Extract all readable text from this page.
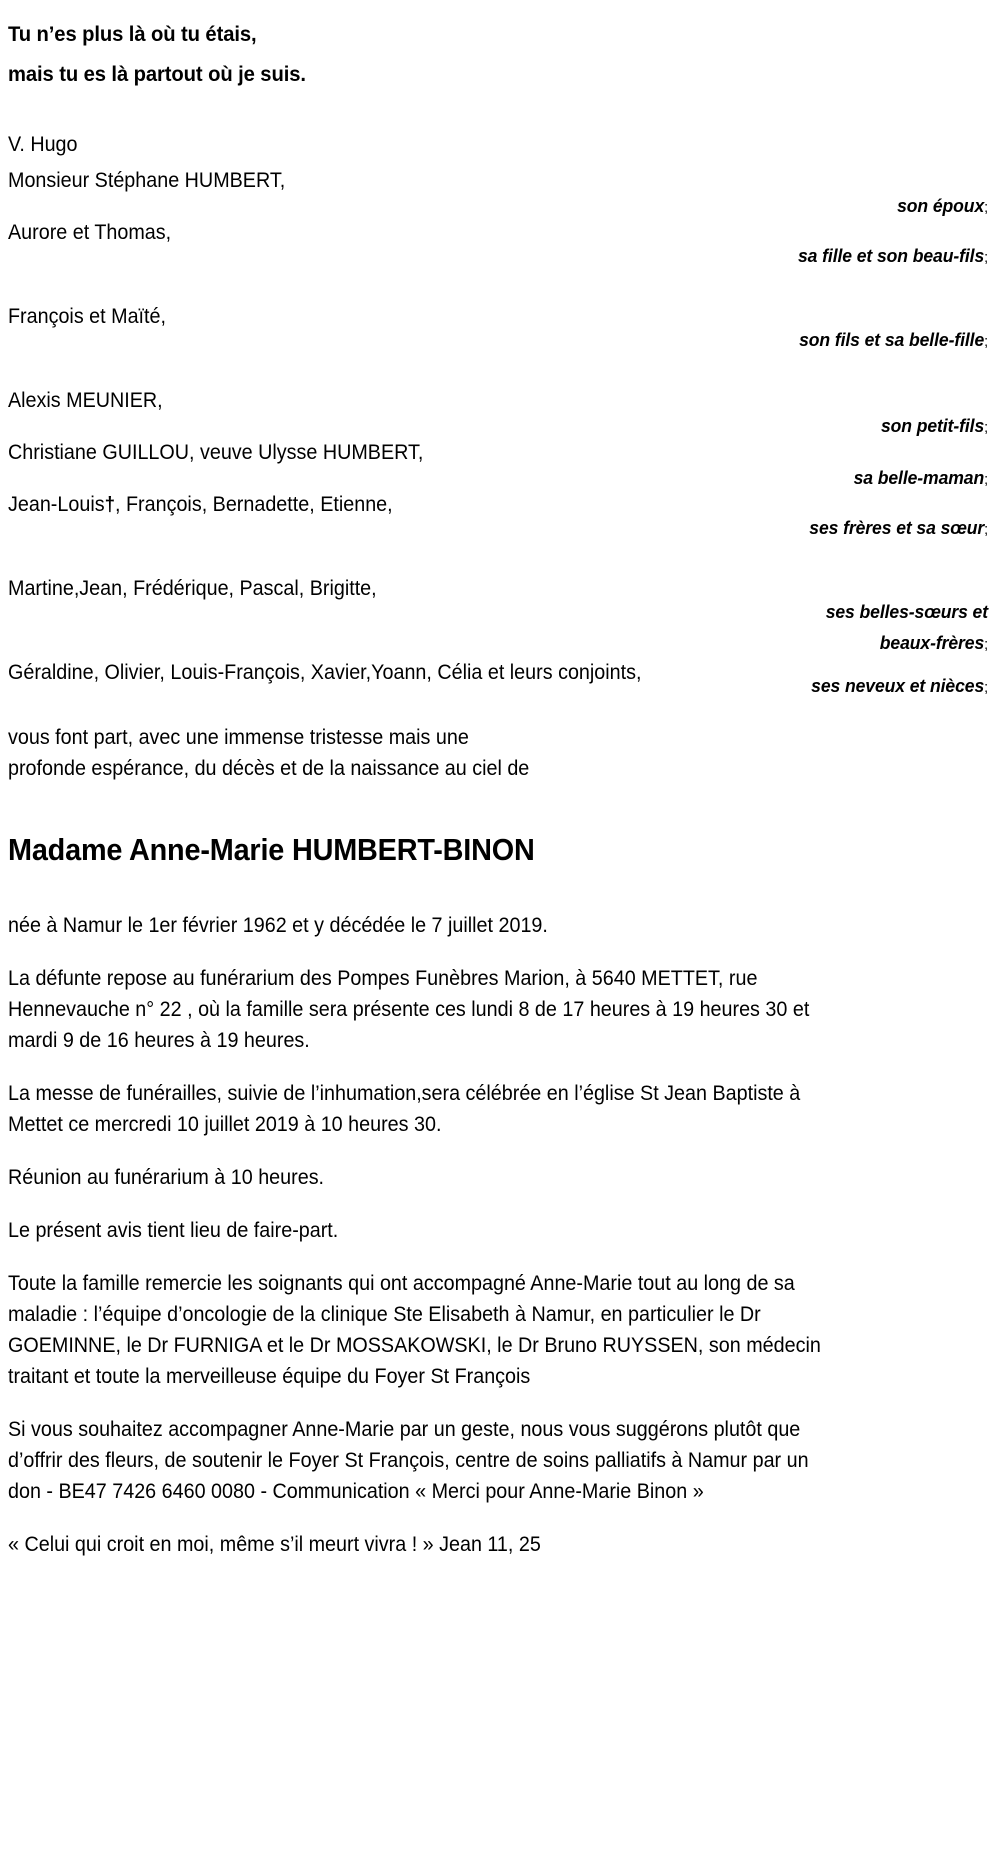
Tu n’es plus là où tu étais,
mais tu es là partout où je suis.
V. Hugo
Monsieur Stéphane HUMBERT,
son époux;
Aurore et Thomas,
sa fille et son beau-fils;
François et Maïté,
son fils et sa belle-fille;
Alexis MEUNIER,
son petit-fils;
Christiane GUILLOU, veuve Ulysse HUMBERT,
sa belle-maman;
Jean-Louis†, François, Bernadette, Etienne,
ses frères et sa sœur;
Martine,Jean, Frédérique, Pascal, Brigitte,
ses belles-sœurs et beaux-frères;
Géraldine, Olivier, Louis-François, Xavier,Yoann, Célia et leurs conjoints,
ses neveux et nièces;
vous font part, avec une immense tristesse mais une
profonde espérance, du décès et de la naissance au ciel de
Madame Anne-Marie HUMBERT-BINON

née à Namur le 1er février 1962 et y décédée le 7 juillet 2019.

La défunte repose au funérarium des Pompes Funèbres Marion, à 5640 METTET, rue Hennevauche n° 22 , où la famille sera présente ces lundi 8 de 17 heures à 19 heures 30 et mardi 9 de 16 heures à 19 heures.

La messe de funérailles, suivie de l’inhumation,sera célébrée en l’église St Jean Baptiste à Mettet ce mercredi 10 juillet 2019 à 10 heures 30.

Réunion au funérarium à 10 heures.

Le présent avis tient lieu de faire-part.

Toute la famille remercie les soignants qui ont accompagné Anne-Marie tout au long de sa maladie : l’équipe d’oncologie de la clinique Ste Elisabeth à Namur, en particulier le Dr GOEMINNE, le Dr FURNIGA et le Dr MOSSAKOWSKI, le Dr Bruno RUYSSEN, son médecin traitant et toute la merveilleuse équipe du Foyer St François

Si vous souhaitez accompagner Anne-Marie par un geste, nous vous suggérons plutôt que d’offrir des fleurs, de soutenir le Foyer St François, centre de soins palliatifs à Namur par un don - BE47 7426 6460 0080 - Communication « Merci pour Anne-Marie Binon »

« Celui qui croit en moi, même s’il meurt vivra ! » Jean 11, 25
